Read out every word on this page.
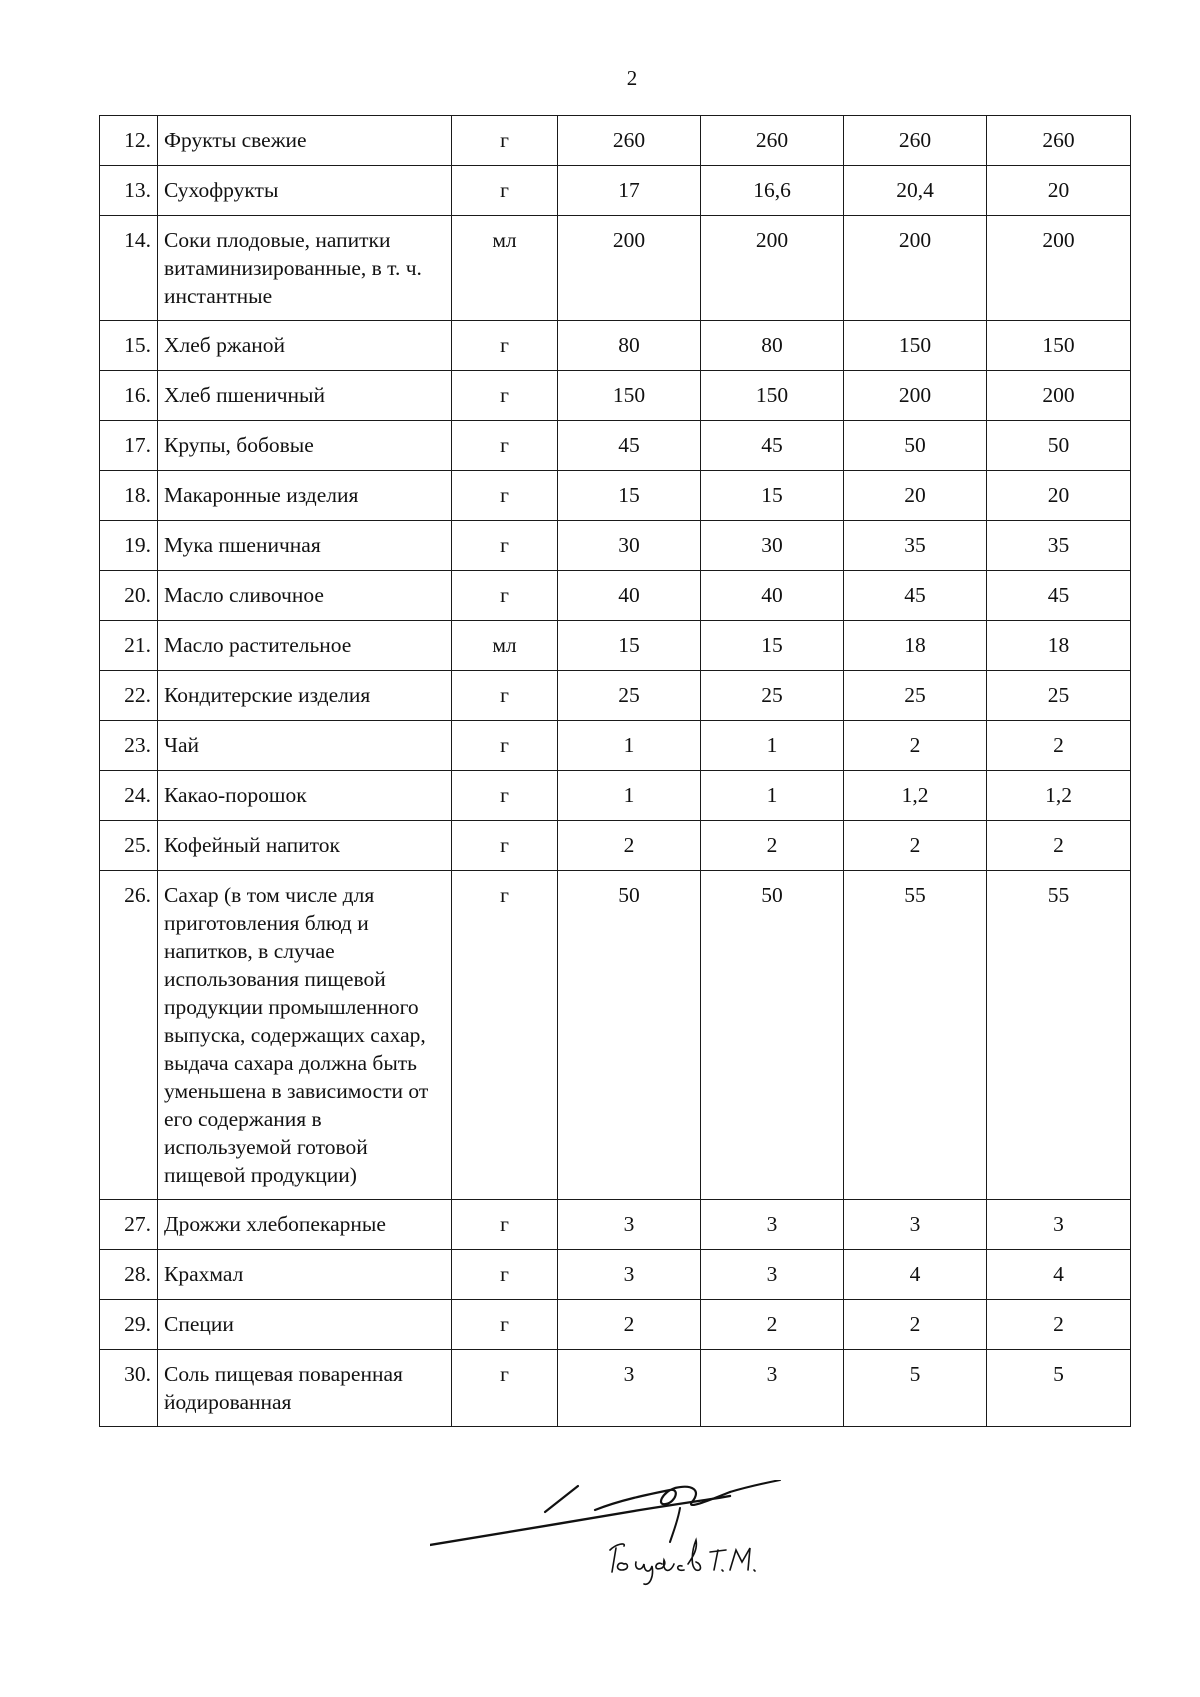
2
12.	Фрукты свежие	г	260	260	260	260
13.	Сухофрукты	г	17	16,6	20,4	20
14.	Соки плодовые, напитки витаминизированные, в т. ч. инстантные	мл	200	200	200	200
15.	Хлеб ржаной	г	80	80	150	150
16.	Хлеб пшеничный	г	150	150	200	200
17.	Крупы, бобовые	г	45	45	50	50
18.	Макаронные изделия	г	15	15	20	20
19.	Мука пшеничная	г	30	30	35	35
20.	Масло сливочное	г	40	40	45	45
21.	Масло растительное	мл	15	15	18	18
22.	Кондитерские изделия	г	25	25	25	25
23.	Чай	г	1	1	2	2
24.	Какао-порошок	г	1	1	1,2	1,2
25.	Кофейный напиток	г	2	2	2	2
26.	Сахар (в том числе для приготовления блюд и напитков, в случае использования пищевой продукции промышленного выпуска, содержащих сахар, выдача сахара должна быть уменьшена в зависимости от его содержания в используемой готовой пищевой продукции)	г	50	50	55	55
27.	Дрожжи хлебопекарные	г	3	3	3	3
28.	Крахмал	г	3	3	4	4
29.	Специи	г	2	2	2	2
30.	Соль пищевая поваренная йодированная	г	3	3	5	5
